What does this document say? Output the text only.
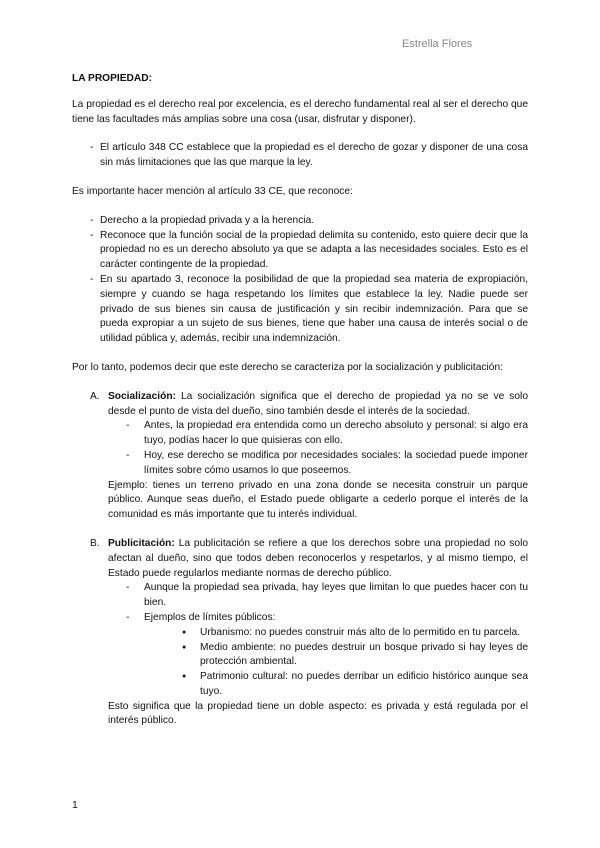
Estrella Flores
LA PROPIEDAD:

La propiedad es el derecho real por excelencia, es el derecho fundamental real al ser el derecho que tiene las facultades más amplias sobre una cosa (usar, disfrutar y disponer).

- El artículo 348 CC establece que la propiedad es el derecho de gozar y disponer de una cosa sin más limitaciones que las que marque la ley.

Es importante hacer mención al artículo 33 CE, que reconoce:

- Derecho a la propiedad privada y a la herencia.
- Reconoce que la función social de la propiedad delimita su contenido, esto quiere decir que la propiedad no es un derecho absoluto ya que se adapta a las necesidades sociales. Esto es el carácter contingente de la propiedad.
- En su apartado 3, reconoce la posibilidad de que la propiedad sea materia de expropiación, siempre y cuando se haga respetando los límites que establece la ley. Nadie puede ser privado de sus bienes sin causa de justificación y sin recibir indemnización. Para que se pueda expropiar a un sujeto de sus bienes, tiene que haber una causa de interés social o de utilidad pública y, además, recibir una indemnización.

Por lo tanto, podemos decir que este derecho se caracteriza por la socialización y publicitación:

A. Socialización: La socialización significa que el derecho de propiedad ya no se ve solo desde el punto de vista del dueño, sino también desde el interés de la sociedad.

- Antes, la propiedad era entendida como un derecho absoluto y personal: si algo era tuyo, podías hacer lo que quisieras con ello.
- Hoy, ese derecho se modifica por necesidades sociales: la sociedad puede imponer límites sobre cómo usamos lo que poseemos.

Ejemplo: tienes un terreno privado en una zona donde se necesita construir un parque público. Aunque seas dueño, el Estado puede obligarte a cederlo porque el interés de la comunidad es más importante que tu interés individual.

B. Publicitación: La publicitación se refiere a que los derechos sobre una propiedad no solo afectan al dueño, sino que todos deben reconocerlos y respetarlos, y al mismo tiempo, el Estado puede regularlos mediante normas de derecho público.

- Aunque la propiedad sea privada, hay leyes que limitan lo que puedes hacer con tu bien.
- Ejemplos de límites públicos:
● Urbanismo: no puedes construir más alto de lo permitido en tu parcela.
● Medio ambiente: no puedes destruir un bosque privado si hay leyes de protección ambiental.
● Patrimonio cultural: no puedes derribar un edificio histórico aunque sea tuyo.

Esto significa que la propiedad tiene un doble aspecto: es privada y está regulada por el interés público.

1
